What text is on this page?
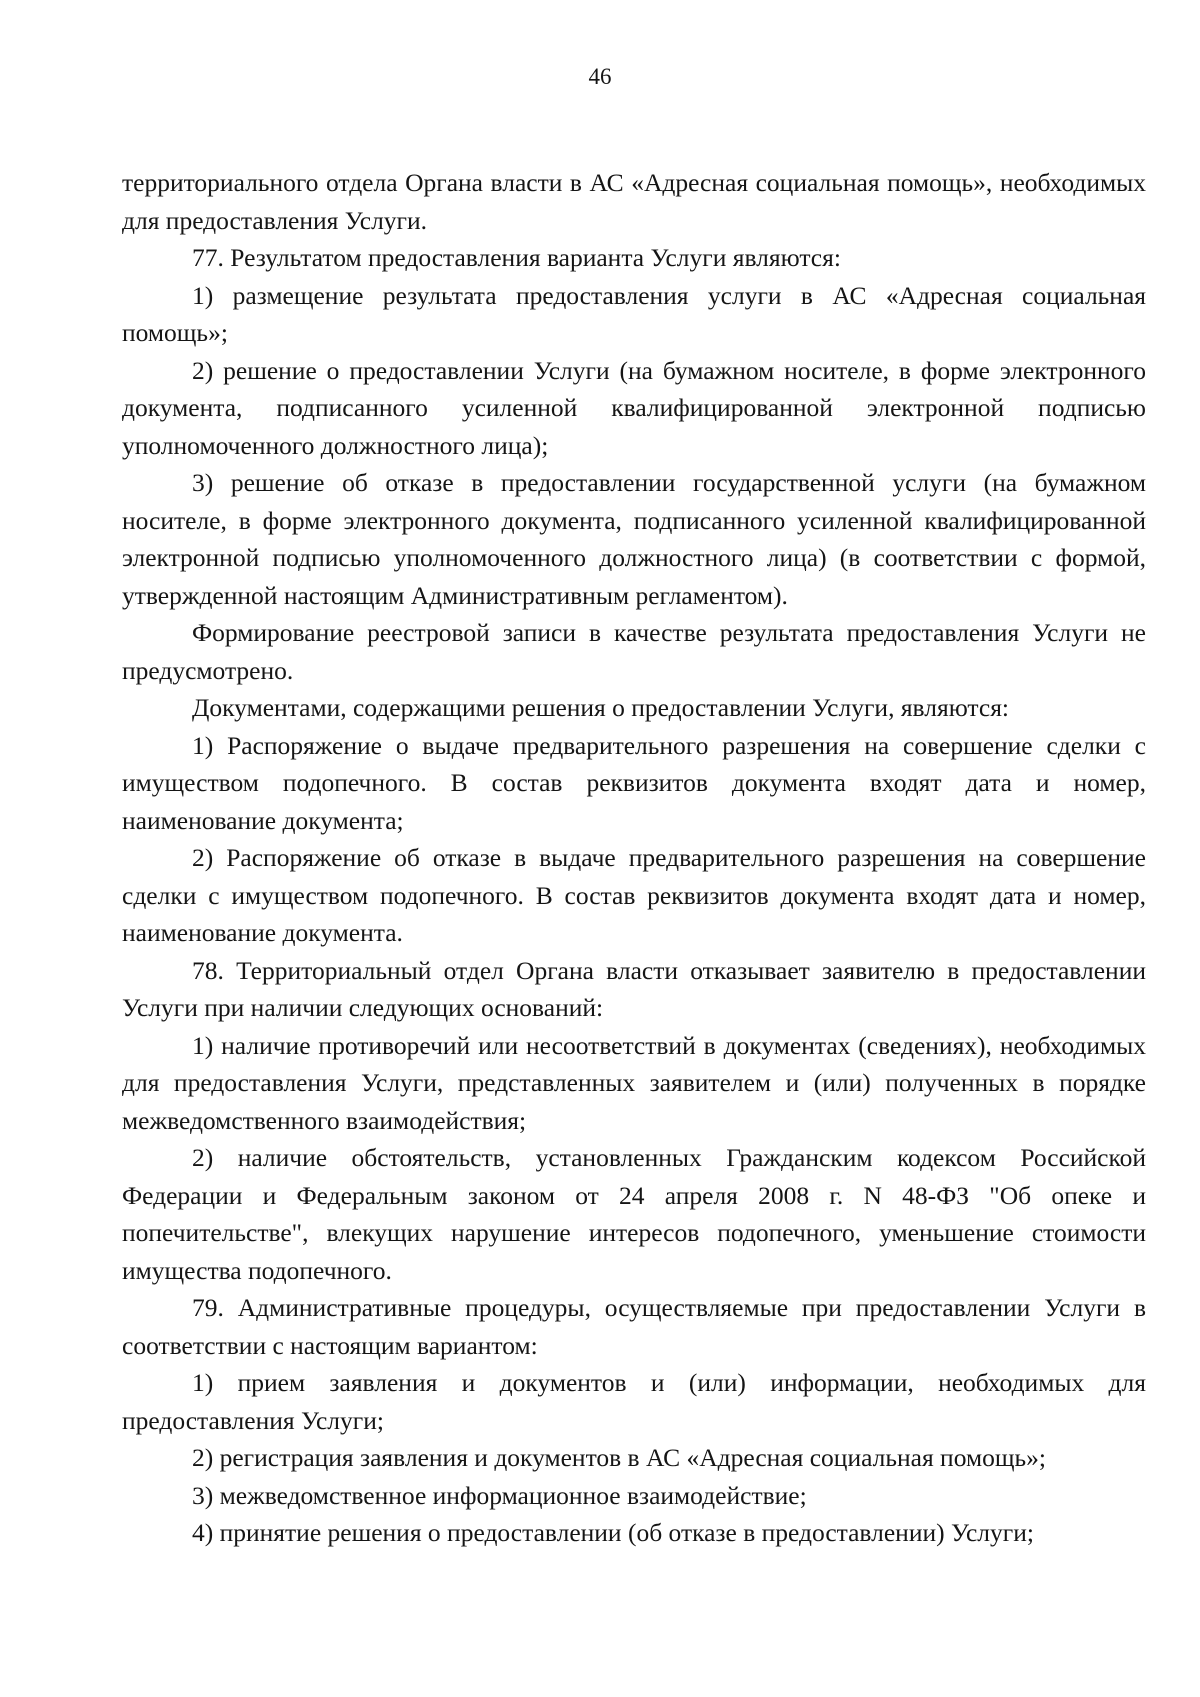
46

территориального отдела Органа власти в АС «Адресная социальная помощь», необходимых для предоставления Услуги.

77. Результатом предоставления варианта Услуги являются:

1) размещение результата предоставления услуги в АС «Адресная социальная помощь»;

2) решение о предоставлении Услуги (на бумажном носителе, в форме электронного документа, подписанного усиленной квалифицированной электронной подписью уполномоченного должностного лица);

3) решение об отказе в предоставлении государственной услуги (на бумажном носителе, в форме электронного документа, подписанного усиленной квалифицированной электронной подписью уполномоченного должностного лица) (в соответствии с формой, утвержденной настоящим Административным регламентом).

Формирование реестровой записи в качестве результата предоставления Услуги не предусмотрено.

Документами, содержащими решения о предоставлении Услуги, являются:

1) Распоряжение о выдаче предварительного разрешения на совершение сделки с имуществом подопечного. В состав реквизитов документа входят дата и номер, наименование документа;

2) Распоряжение об отказе в выдаче предварительного разрешения на совершение сделки с имуществом подопечного. В состав реквизитов документа входят дата и номер, наименование документа.

78. Территориальный отдел Органа власти отказывает заявителю в предоставлении Услуги при наличии следующих оснований:

1) наличие противоречий или несоответствий в документах (сведениях), необходимых для предоставления Услуги, представленных заявителем и (или) полученных в порядке межведомственного взаимодействия;

2) наличие обстоятельств, установленных Гражданским кодексом Российской Федерации и Федеральным законом от 24 апреля 2008 г. N 48-ФЗ "Об опеке и попечительстве", влекущих нарушение интересов подопечного, уменьшение стоимости имущества подопечного.

79. Административные процедуры, осуществляемые при предоставлении Услуги в соответствии с настоящим вариантом:

1) прием заявления и документов и (или) информации, необходимых для предоставления Услуги;

2) регистрация заявления и документов в АС «Адресная социальная помощь»;

3) межведомственное информационное взаимодействие;

4) принятие решения о предоставлении (об отказе в предоставлении) Услуги;
